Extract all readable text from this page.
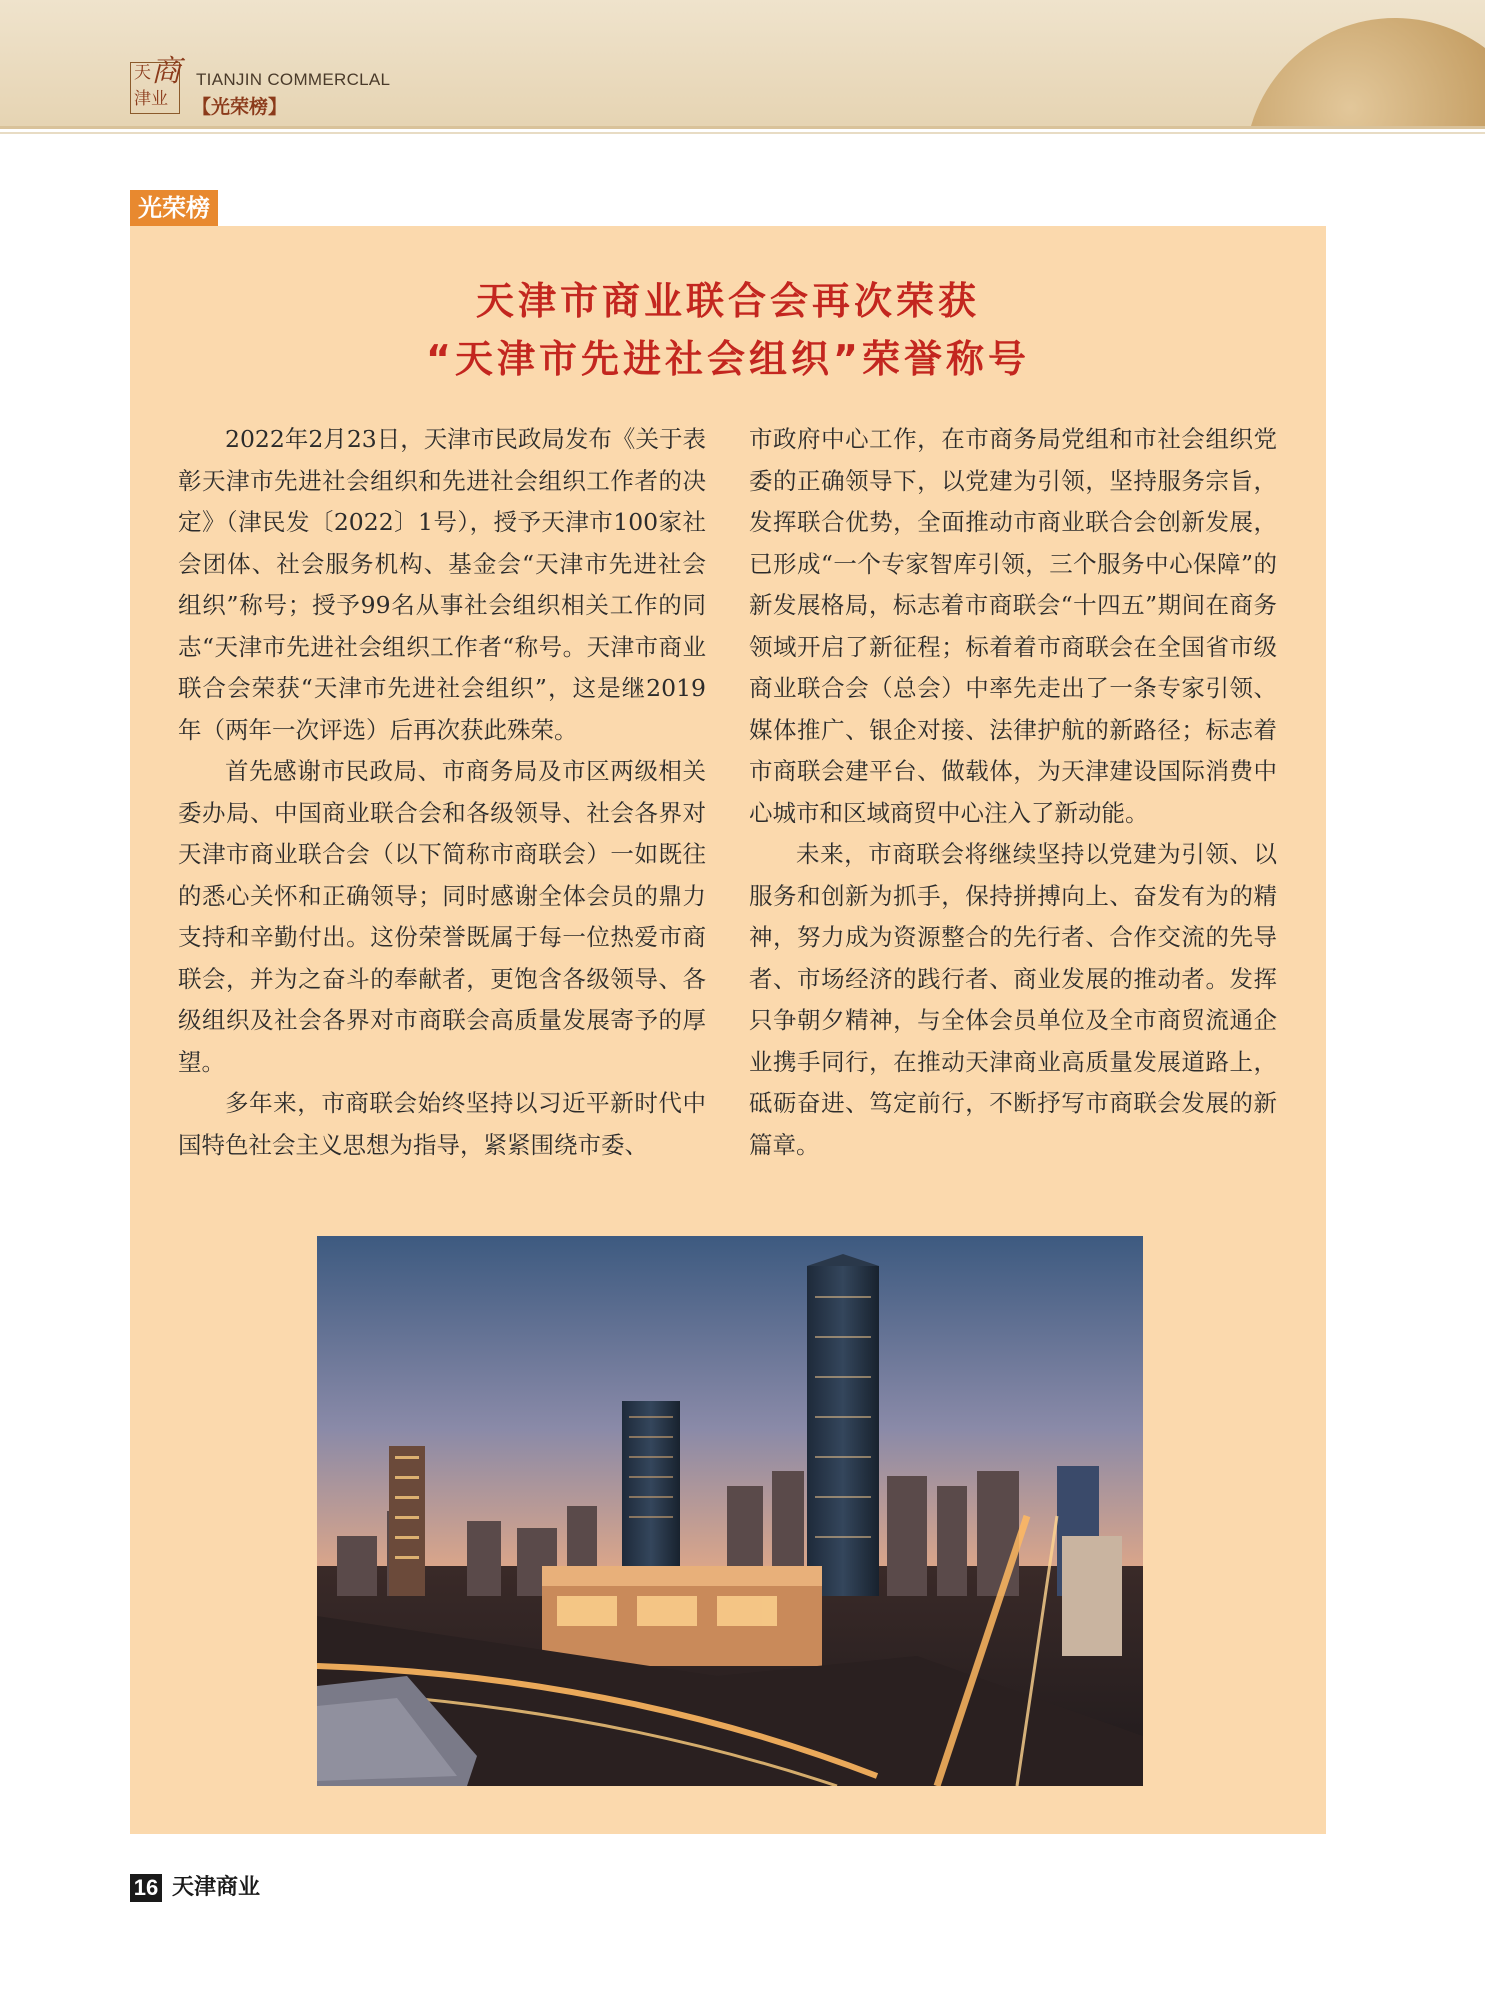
天 商
津业
TIANJIN COMMERCLAL
【光荣榜】
光荣榜
天津市商业联合会再次荣获
“天津市先进社会组织”荣誉称号

2022年2月23日，天津市民政局发布《关于表彰天津市先进社会组织和先进社会组织工作者的决定》（津民发〔2022〕1号），授予天津市100家社会团体、社会服务机构、基金会“天津市先进社会组织”称号；授予99名从事社会组织相关工作的同志“天津市先进社会组织工作者“称号。天津市商业联合会荣获“天津市先进社会组织”，这是继2019年（两年一次评选）后再次获此殊荣。

首先感谢市民政局、市商务局及市区两级相关委办局、中国商业联合会和各级领导、社会各界对天津市商业联合会（以下简称市商联会）一如既往的悉心关怀和正确领导；同时感谢全体会员的鼎力支持和辛勤付出。这份荣誉既属于每一位热爱市商联会，并为之奋斗的奉献者，更饱含各级领导、各级组织及社会各界对市商联会高质量发展寄予的厚望。

多年来，市商联会始终坚持以习近平新时代中国特色社会主义思想为指导，紧紧围绕市委、

市政府中心工作，在市商务局党组和市社会组织党委的正确领导下，以党建为引领，坚持服务宗旨，发挥联合优势，全面推动市商业联合会创新发展，已形成“一个专家智库引领，三个服务中心保障”的新发展格局，标志着市商联会“十四五”期间在商务领域开启了新征程；标着着市商联会在全国省市级商业联合会（总会）中率先走出了一条专家引领、媒体推广、银企对接、法律护航的新路径；标志着市商联会建平台、做载体，为天津建设国际消费中心城市和区域商贸中心注入了新动能。

未来，市商联会将继续坚持以党建为引领、以服务和创新为抓手，保持拼搏向上、奋发有为的精神，努力成为资源整合的先行者、合作交流的先导者、市场经济的践行者、商业发展的推动者。发挥只争朝夕精神，与全体会员单位及全市商贸流通企业携手同行，在推动天津商业高质量发展道路上，砥砺奋进、笃定前行，不断抒写市商联会发展的新篇章。

16 天津商业
